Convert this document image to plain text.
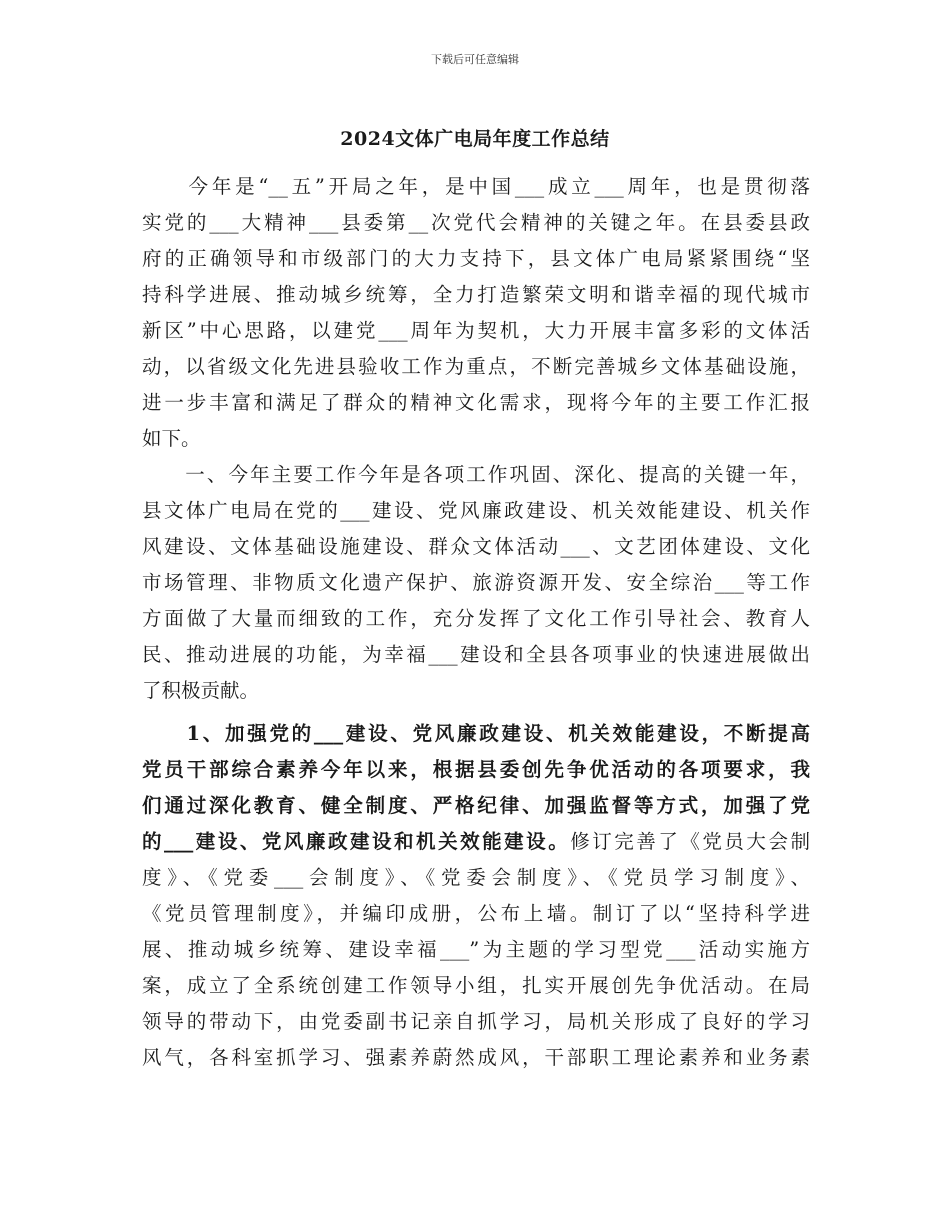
下载后可任意编辑
2024文体广电局年度工作总结
　　今年是“__五”开局之年，是中国___成立___周年，也是贯彻落
实党的___大精神___县委第__次党代会精神的关键之年。在县委县政
府的正确领导和市级部门的大力支持下，县文体广电局紧紧围绕“坚
持科学进展、推动城乡统筹，全力打造繁荣文明和谐幸福的现代城市
新区”中心思路，以建党___周年为契机，大力开展丰富多彩的文体活
动，以省级文化先进县验收工作为重点，不断完善城乡文体基础设施，
进一步丰富和满足了群众的精神文化需求，现将今年的主要工作汇报
如下。
　　一、今年主要工作今年是各项工作巩固、深化、提高的关键一年，
县文体广电局在党的___建设、党风廉政建设、机关效能建设、机关作
风建设、文体基础设施建设、群众文体活动___、文艺团体建设、文化
市场管理、非物质文化遗产保护、旅游资源开发、安全综治___等工作
方面做了大量而细致的工作，充分发挥了文化工作引导社会、教育人
民、推动进展的功能，为幸福___建设和全县各项事业的快速进展做出
了积极贡献。
　　1、加强党的___建设、党风廉政建设、机关效能建设，不断提高
党员干部综合素养今年以来，根据县委创先争优活动的各项要求，我
们通过深化教育、健全制度、严格纪律、加强监督等方式，加强了党
的___建设、党风廉政建设和机关效能建设。修订完善了《党员大会制
度》、《党委___会制度》、《党委会制度》、《党员学习制度》、
《党员管理制度》，并编印成册，公布上墙。制订了以“坚持科学进
展、推动城乡统筹、建设幸福___”为主题的学习型党___活动实施方
案，成立了全系统创建工作领导小组，扎实开展创先争优活动。在局
领导的带动下，由党委副书记亲自抓学习，局机关形成了良好的学习
风气，各科室抓学习、强素养蔚然成风，干部职工理论素养和业务素
